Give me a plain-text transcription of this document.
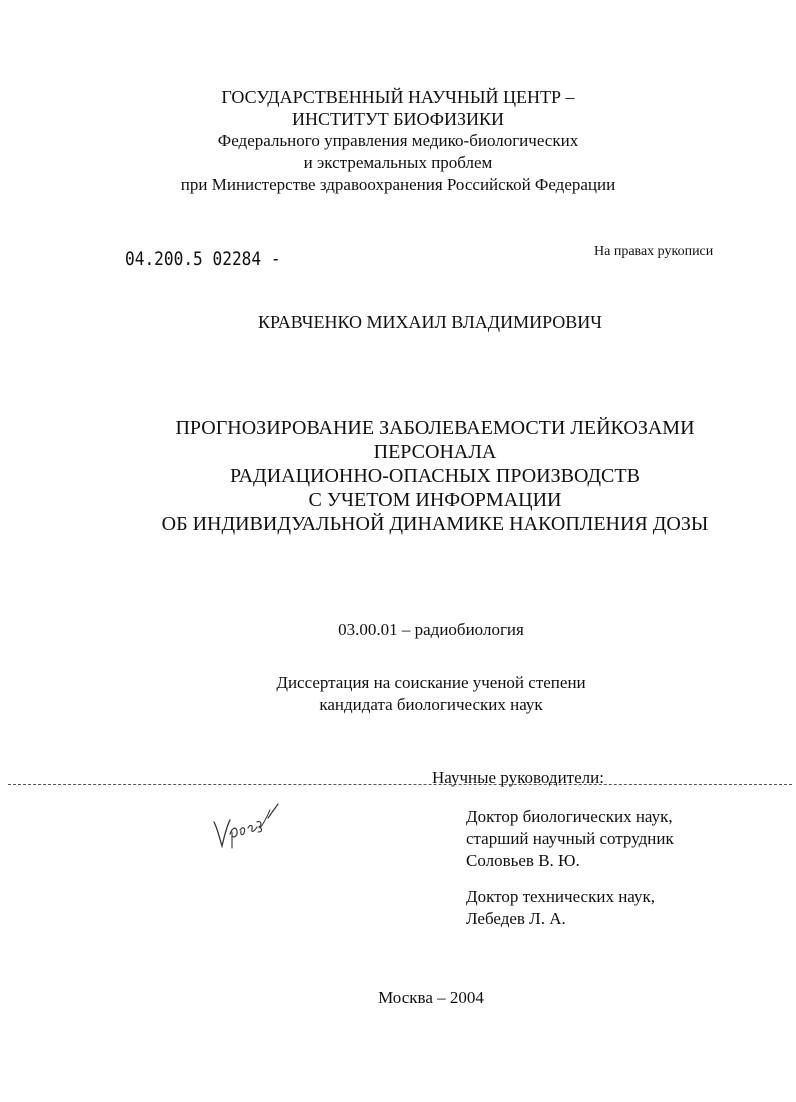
ГОСУДАРСТВЕННЫЙ НАУЧНЫЙ ЦЕНТР –
ИНСТИТУТ БИОФИЗИКИ
Федерального управления медико-биологических
и экстремальных проблем
при Министерстве здравоохранения Российской Федерации
04.200.5 02284 -	На правах рукописи
КРАВЧЕНКО МИХАИЛ ВЛАДИМИРОВИЧ
ПРОГНОЗИРОВАНИЕ ЗАБОЛЕВАЕМОСТИ ЛЕЙКОЗАМИ
ПЕРСОНАЛА
РАДИАЦИОННО-ОПАСНЫХ ПРОИЗВОДСТВ
С УЧЕТОМ ИНФОРМАЦИИ
ОБ ИНДИВИДУАЛЬНОЙ ДИНАМИКЕ НАКОПЛЕНИЯ ДОЗЫ
03.00.01 – радиобиология
Диссертация на соискание ученой степени
кандидата биологических наук
Научные руководители:
Доктор биологических наук,
старший научный сотрудник
Соловьев В. Ю.
Доктор технических наук,
Лебедев Л. А.
Москва – 2004
